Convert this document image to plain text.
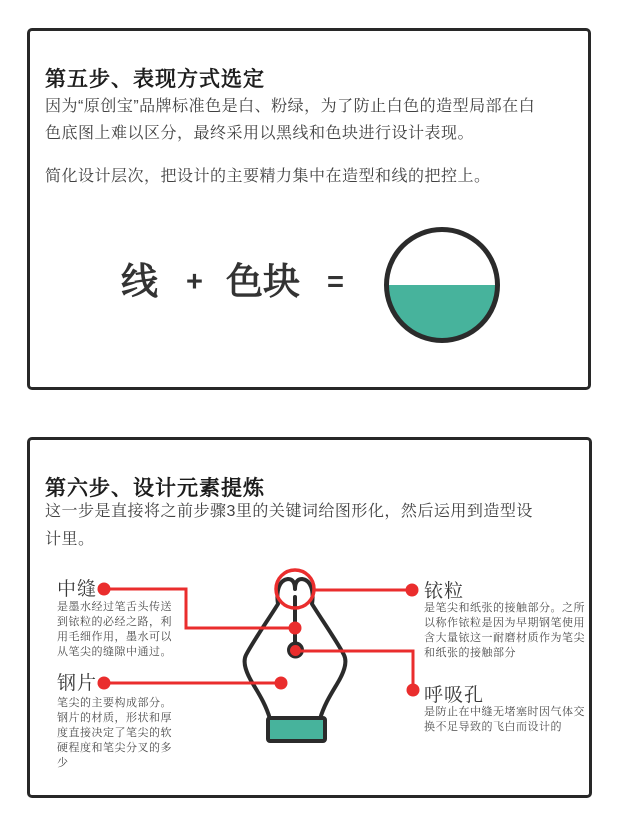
第五步、表现方式选定

因为“原创宝”品牌标准色是白、粉绿，为了防止白色的造型局部在白色底图上难以区分，最终采用以黑线和色块进行设计表现。

简化设计层次，把设计的主要精力集中在造型和线的把控上。

线 + 色块 =
第六步、设计元素提炼

这一步是直接将之前步骤3里的关键词给图形化，然后运用到造型设计里。

中缝

是墨水经过笔舌头传送到铱粒的必经之路，利用毛细作用，墨水可以从笔尖的缝隙中通过。

钢片

笔尖的主要构成部分。钢片的材质，形状和厚度直接决定了笔尖的软硬程度和笔尖分叉的多少

铱粒

是笔尖和纸张的接触部分。之所以称作铱粒是因为早期钢笔使用含大量铱这一耐磨材质作为笔尖和纸张的接触部分

呼吸孔

是防止在中缝无堵塞时因气体交换不足导致的飞白而设计的
